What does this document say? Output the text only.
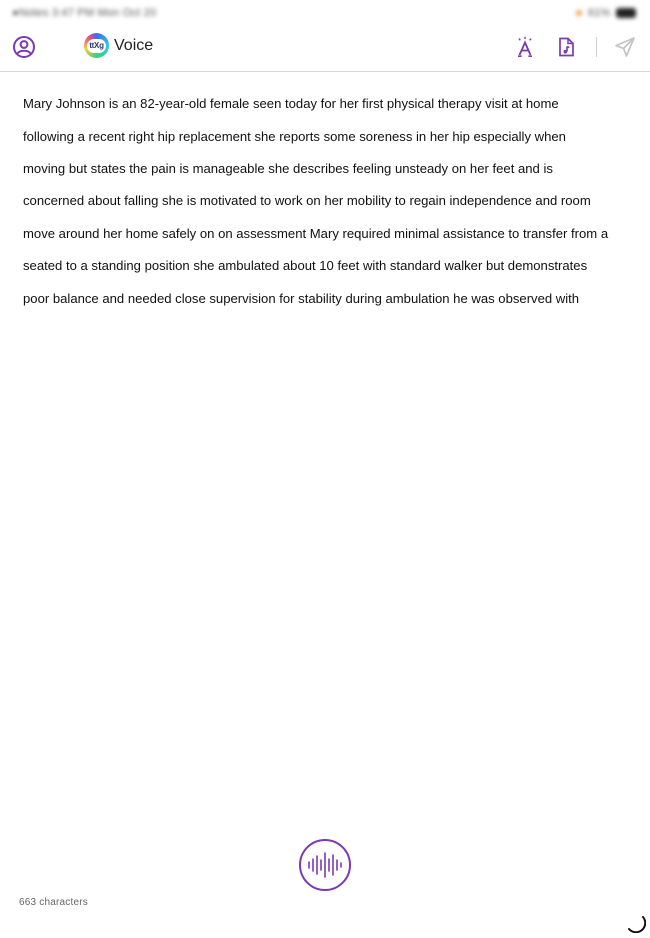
●Notes 3:47 PM Mon Oct 20	61%
ttXg Voice

Mary Johnson is an 82-year-old female seen today for her first physical therapy visit at home

following a recent right hip replacement she reports some soreness in her hip especially when

moving but states the pain is manageable she describes feeling unsteady on her feet and is

concerned about falling she is motivated to work on her mobility to regain independence and room

move around her home safely on on assessment Mary required minimal assistance to transfer from a

seated to a standing position she ambulated about 10 feet with standard walker but demonstrates

poor balance and needed close supervision for stability during ambulation he was observed with

663 characters
